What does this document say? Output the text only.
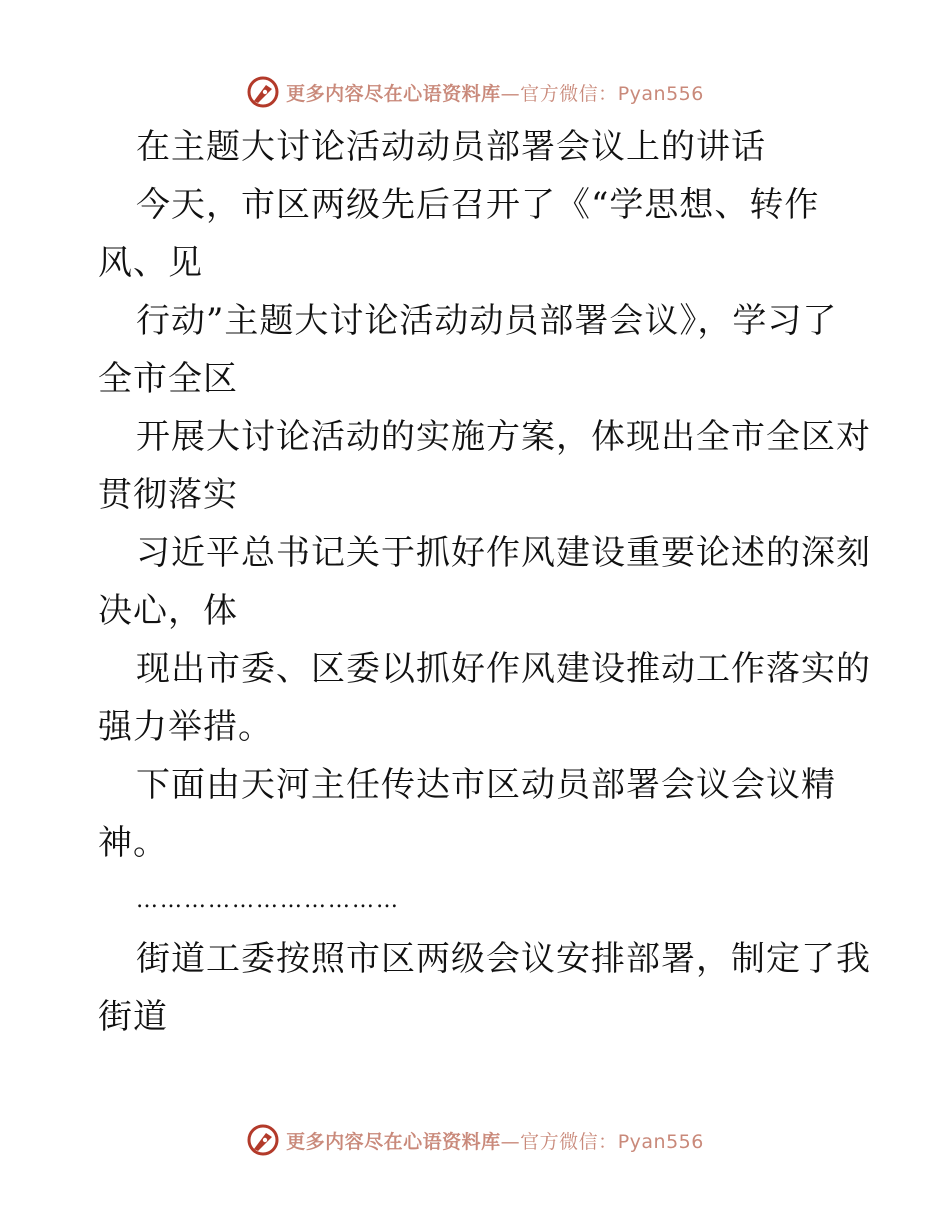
更多内容尽在心语资料库—官方微信：Pyan556
在主题大讨论活动动员部署会议上的讲话
今天，市区两级先后召开了《“学思想、转作
风、见
行动”主题大讨论活动动员部署会议》，学习了
全市全区
开展大讨论活动的实施方案，体现出全市全区对
贯彻落实
习近平总书记关于抓好作风建设重要论述的深刻
决心，体
现出市委、区委以抓好作风建设推动工作落实的
强力举措。
下面由天河主任传达市区动员部署会议会议精
神。
……………………………
街道工委按照市区两级会议安排部署，制定了我
街道
更多内容尽在心语资料库—官方微信：Pyan556
